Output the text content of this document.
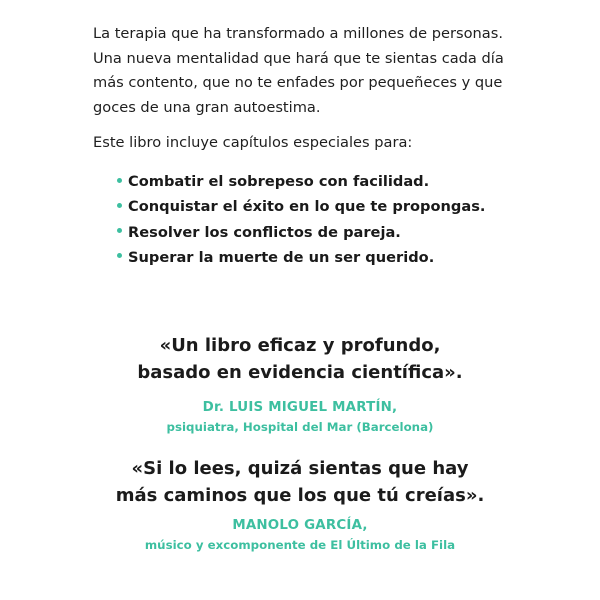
La terapia que ha transformado a millones de personas. Una nueva mentalidad que hará que te sientas cada día más contento, que no te enfades por pequeñeces y que goces de una gran autoestima.

Este libro incluye capítulos especiales para:

Combatir el sobrepeso con facilidad.
Conquistar el éxito en lo que te propongas.
Resolver los conflictos de pareja.
Superar la muerte de un ser querido.
«Un libro eficaz y profundo,
basado en evidencia científica».
Dr. LUIS MIGUEL MARTÍN,
psiquiatra, Hospital del Mar (Barcelona)
«Si lo lees, quizá sientas que hay
más caminos que los que tú creías».
MANOLO GARCÍA,
músico y excomponente de El Último de la Fila
